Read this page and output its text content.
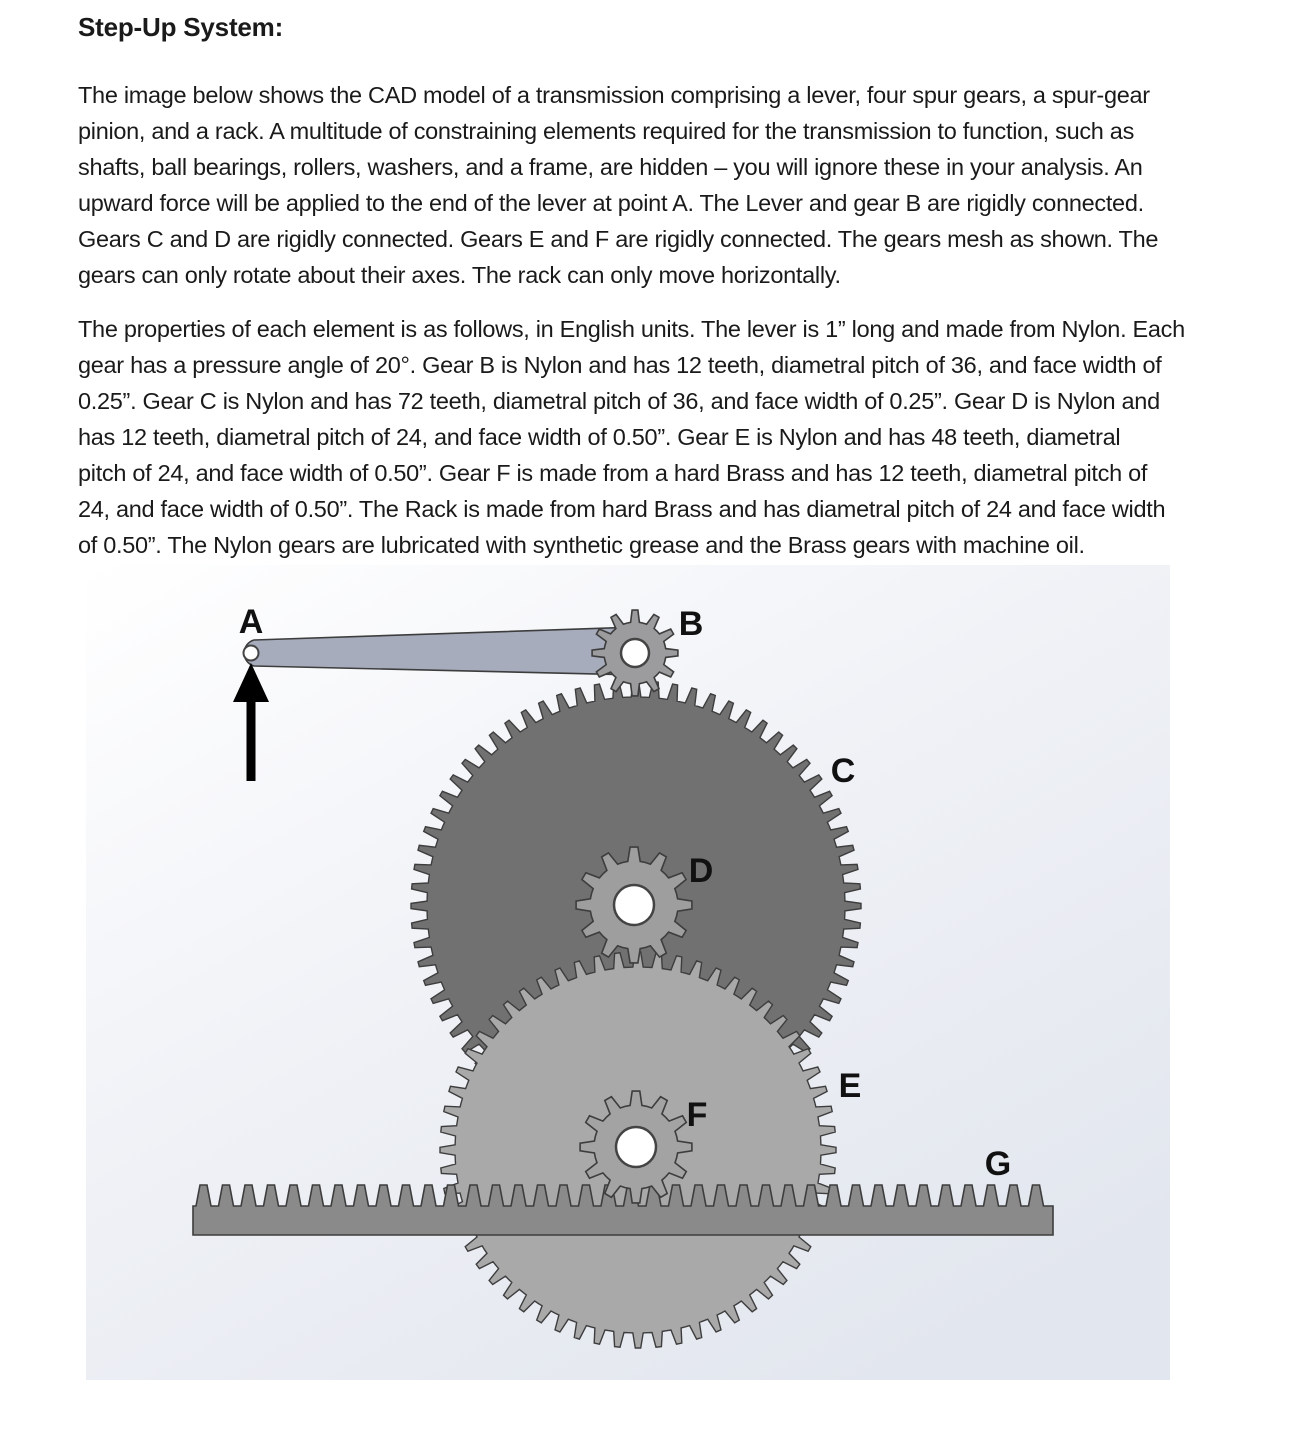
Step-Up System:
The image below shows the CAD model of a transmission comprising a lever, four spur gears, a spur-gear
pinion, and a rack. A multitude of constraining elements required for the transmission to function, such as
shafts, ball bearings, rollers, washers, and a frame, are hidden – you will ignore these in your analysis. An
upward force will be applied to the end of the lever at point A. The Lever and gear B are rigidly connected.
Gears C and D are rigidly connected. Gears E and F are rigidly connected. The gears mesh as shown. The
gears can only rotate about their axes. The rack can only move horizontally.
The properties of each element is as follows, in English units. The lever is 1” long and made from Nylon. Each
gear has a pressure angle of 20°. Gear B is Nylon and has 12 teeth, diametral pitch of 36, and face width of
0.25”. Gear C is Nylon and has 72 teeth, diametral pitch of 36, and face width of 0.25”. Gear D is Nylon and
has 12 teeth, diametral pitch of 24, and face width of 0.50”. Gear E is Nylon and has 48 teeth, diametral
pitch of 24, and face width of 0.50”. Gear F is made from a hard Brass and has 12 teeth, diametral pitch of
24, and face width of 0.50”. The Rack is made from hard Brass and has diametral pitch of 24 and face width
of 0.50”. The Nylon gears are lubricated with synthetic grease and the Brass gears with machine oil.
A	B
C
D
E
F
G
